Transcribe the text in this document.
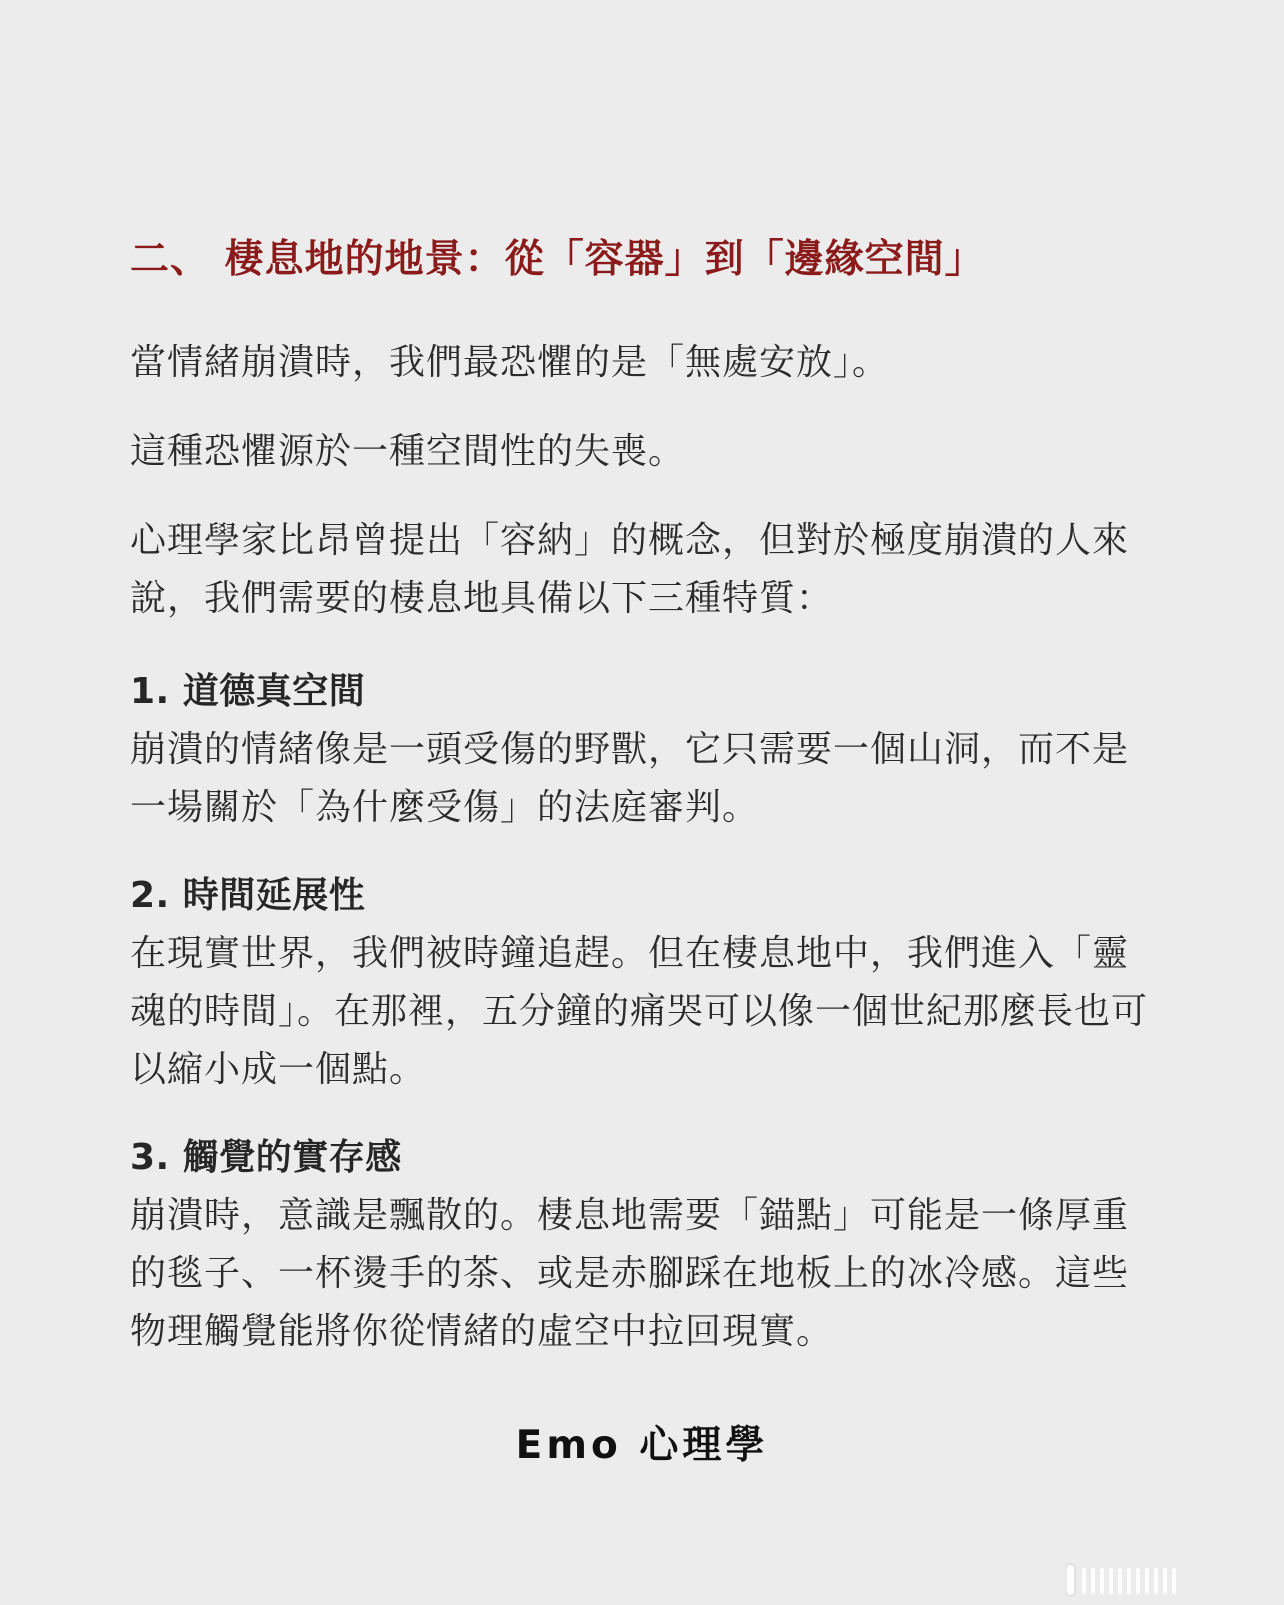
二、 棲息地的地景：從「容器」到「邊緣空間」

當情緒崩潰時，我們最恐懼的是「無處安放」。

這種恐懼源於一種空間性的失喪。

心理學家比昂曾提出「容納」的概念，但對於極度崩潰的人來說，我們需要的棲息地具備以下三種特質：

1. 道德真空間

崩潰的情緒像是一頭受傷的野獸，它只需要一個山洞，而不是一場關於「為什麼受傷」的法庭審判。

2. 時間延展性

在現實世界，我們被時鐘追趕。但在棲息地中，我們進入「靈魂的時間」。在那裡，五分鐘的痛哭可以像一個世紀那麼長也可以縮小成一個點。

3. 觸覺的實存感

崩潰時，意識是飄散的。棲息地需要「錨點」可能是一條厚重的毯子、一杯燙手的茶、或是赤腳踩在地板上的冰冷感。這些物理觸覺能將你從情緒的虛空中拉回現實。

Emo 心理學
